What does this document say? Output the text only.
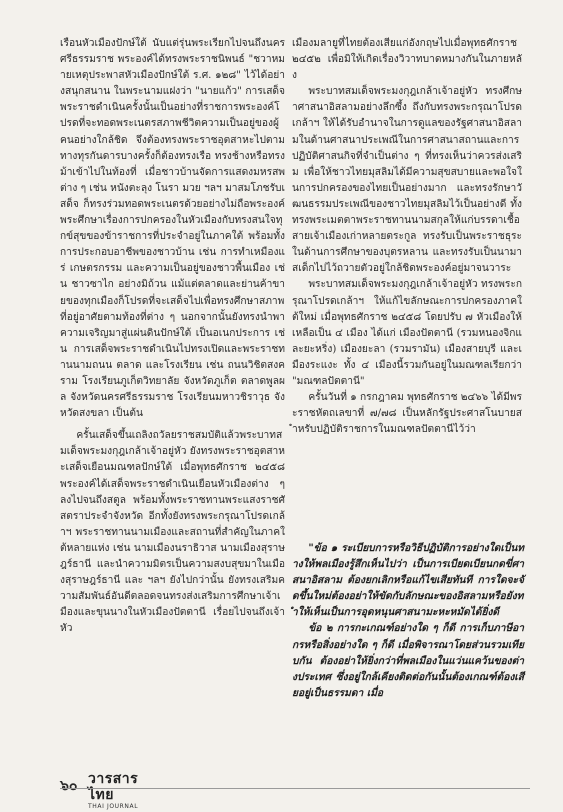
เรือนหัวเมืองปักษ์ใต้ นับแต่รุ่นพระเรียกไปจนถึงนครศรีธรรมราช พระองค์ได้ทรงพระราชนิพนธ์ "ชวาหมายเหตุประพาสหัวเมืองปักษ์ใต้ ร.ศ. ๑๒๘" ไว้ได้อย่างสนุกสนาน ในพระนามแฝงว่า "นายแก้ว" การเสด็จพระราชดำเนินครั้งนั้นเป็นอย่างที่ราชการพระองค์โปรดที่จะทอดพระเนตรสภาพชีวิตความเป็นอยู่ของผู้คนอย่างใกล้ชิด จึงต้องทรงพระราชอุตสาหะไปตามทางทุรกันดารบางครั้งก็ต้องทรงเรือ ทรงช้างหรือทรงม้าเข้าไปในท้องที่ เมื่อชาวบ้านจัดการแสดงมหรสพต่าง ๆ เช่น หนังตะลุง โนรา มวย ฯลฯ มาสมโภชรับเสด็จ ก็ทรงร่วมทอดพระเนตรด้วยอย่างไม่ถือพระองค์ พระศึกษาเรื่องการปกครองในหัวเมืองกับทรงสนใจทุกข์สุขของข้าราชการที่ประจำอยู่ในภาคใต้ พร้อมทั้งการประกอบอาชีพของชาวบ้าน เช่น การทำเหมืองแร่ เกษตรกรรม และความเป็นอยู่ของชาวพื้นเมือง เช่น ชาวซาไก อย่างมิถ้วน แม้แต่ตลาดและย่านค้าขายของทุกเมืองก็โปรดที่จะเสด็จไปเพื่อทรงศึกษาสภาพที่อยู่อาศัยตามท้องที่ต่าง ๆ นอกจากนั้นยังทรงนำพาความเจริญมาสู่แผ่นดินปักษ์ใต้ เป็นอเนกประการ เช่น การเสด็จพระราชดำเนินไปทรงเปิดและพระราชทานนามถนน ตลาด และโรงเรียน เช่น ถนนวิชิตสงคราม โรงเรียนภูเก็ตวิทยาลัย จังหวัดภูเก็ต ตลาดพูลผล จังหวัดนครศรีธรรมราช โรงเรียนมหาวชิราวุธ จังหวัดสงขลา เป็นต้น

ครั้นเสด็จขึ้นเถลิงถวัลยราชสมบัติแล้วพระบาทสมเด็จพระมงกุฎเกล้าเจ้าอยู่หัว ยังทรงพระราชอุตสาหะเสด็จเยือนมณฑลปักษ์ใต้ เมื่อพุทธศักราช ๒๔๕๘ พระองค์ได้เสด็จพระราชดำเนินเยือนหัวเมืองต่าง ๆ ลงไปจนถึงสตูล พร้อมทั้งพระราชทานพระแสงราชศัสตราประจำจังหวัด อีกทั้งยังทรงพระกรุณาโปรดเกล้าฯ พระราชทานนามเมืองและสถานที่สำคัญในภาคใต้หลายแห่ง เช่น นามเมืองนราธิวาส นามเมืองสุราษฎร์ธานี และนำความมิตรเป็นความสงบสุขมาในเมืองสุราษฎร์ธานี และ ฯลฯ ยังไปกว่านั้น ยังทรงเสริมความสัมพันธ์อันดีตลอดจนทรงส่งเสริมการศึกษาเจ้าเมืองและขุนนางในหัวเมืองปัตตานี เรื่อยไปจนถึงเจ้าหัว

เมืองมลายูที่ไทยต้องเสียแก่อังกฤษไปเมื่อพุทธศักราช ๒๔๕๒ เพื่อมิให้เกิดเรื่องวิวาทบาดหมางกันในภายหลัง

พระบาทสมเด็จพระมงกุฎเกล้าเจ้าอยู่หัว ทรงศึกษาศาสนาอิสลามอย่างลึกซึ้ง ถึงกับทรงพระกรุณาโปรดเกล้าฯ ให้ได้รับอำนาจในการดูแลของรัฐศาสนาอิสลามในด้านศาสนาประเพณีในการศาสนาสถานและการปฏิบัติศาสนกิจที่จำเป็นต่าง ๆ ที่ทรงเห็นว่าควรส่งเสริม เพื่อให้ชาวไทยมุสลิมได้มีความสุขสบายและพอใจในการปกครองของไทยเป็นอย่างมาก และทรงรักษาวัฒนธรรมประเพณีของชาวไทยมุสลิมไว้เป็นอย่างดี ทั้งทรงพระเมตตาพระราชทานนามสกุลให้แก่บรรดาเชื้อสายเจ้าเมืองเก่าหลายตระกูล ทรงรับเป็นพระราชธุระในด้านการศึกษาของบุตรหลาน และทรงรับเป็นนามาสเด็กไปไว้ถวายตัวอยู่ใกล้ชิดพระองค์อยู่มาจนวาระ

พระบาทสมเด็จพระมงกุฎเกล้าเจ้าอยู่หัว ทรงพระกรุณาโปรดเกล้าฯ ให้แก้ไขลักษณะการปกครองภาคใต้ใหม่ เมื่อพุทธศักราช ๒๔๕๘ โดยปรับ ๗ หัวเมืองให้เหลือเป็น ๔ เมือง ได้แก่ เมืองปัตตานี (รวมหนองจิกและยะหริ่ง) เมืองยะลา (รวมรามัน) เมืองสายบุรี และเมืองระแงะ ทั้ง ๔ เมืองนี้รวมกันอยู่ในมณฑลเรียกว่า "มณฑลปัตตานี"

ครั้นวันที่ ๑ กรกฎาคม พุทธศักราช ๒๔๖๖ ได้มีพระราชหัตถเลขาที่ ๗/๗๘ เป็นหลักรัฐประศาสโนบายสำหรับปฏิบัติราชการในมณฑลปัตตานีไว้ว่า

"ข้อ ๑ ระเบียบการหรือวิธีปฏิบัติการอย่างใดเป็นทางให้พลเมืองรู้สึกเห็นไปว่า เป็นการเบียดเบียนกดขี่ศาสนาอิสลาม ต้องยกเลิกหรือแก้ไขเสียทันที การใดจะจัดขึ้นใหม่ต้องอย่าให้ขัดกับลักษณะของอิสลามหรือยังทำให้เห็นเป็นการอุดหนุนศาสนามะหะหมัดได้ยิ่งดี

ข้อ ๒ การกะเกณฑ์อย่างใด ๆ ก็ดี การเก็บภาษีอากรหรือสิ่งอย่างใด ๆ ก็ดี เมื่อพิจารณาโดยส่วนรวมเทียบกัน ต้องอย่าให้ยิ่งกว่าที่พลเมืองในแว่นแคว้นของต่างประเทศ ซึ่งอยู่ใกล้เคียงติดต่อกันนั้นต้องเกณฑ์ต้องเสียอยู่เป็นธรรมดา เมื่อ

๖๐ วารสารไทย
THAI JOURNAL
